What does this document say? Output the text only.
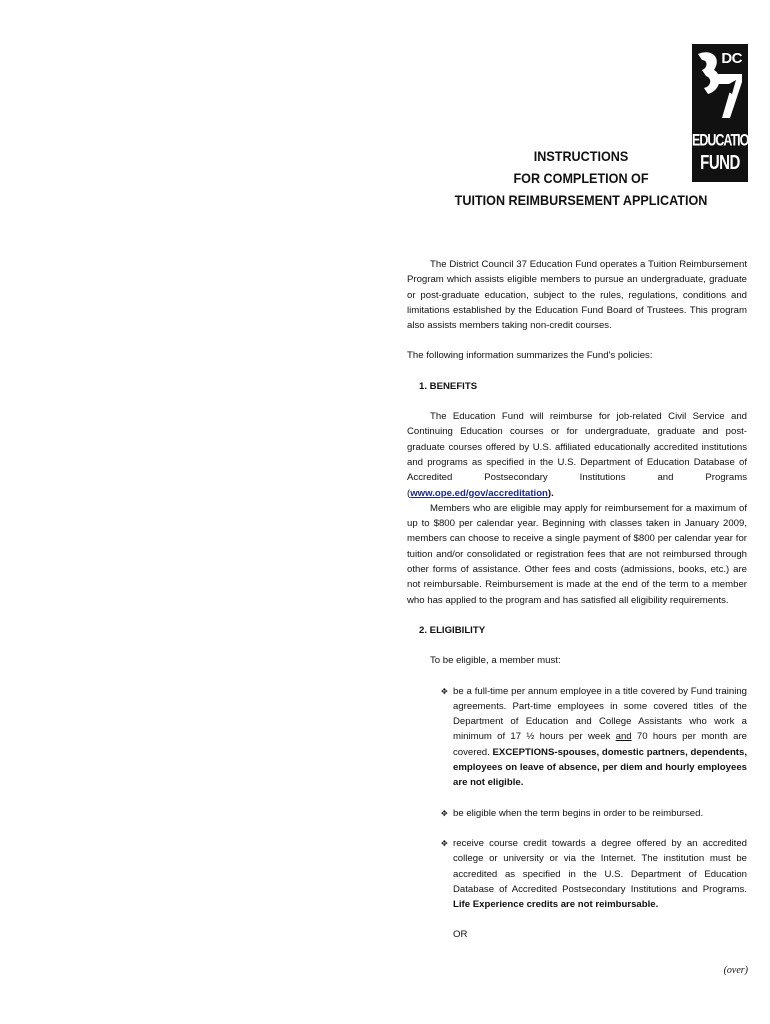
DC
EDUCATION
FUND
INSTRUCTIONS
FOR COMPLETION OF
TUITION REIMBURSEMENT APPLICATION

The District Council 37 Education Fund operates a Tuition Reimbursement Program which assists eligible members to pursue an undergraduate, graduate or post-graduate education, subject to the rules, regulations, conditions and limitations established by the Education Fund Board of Trustees. This program also assists members taking non-credit courses.

The following information summarizes the Fund's policies:

1. BENEFITS

The Education Fund will reimburse for job-related Civil Service and Continuing Education courses or for undergraduate, graduate and post-graduate courses offered by U.S. affiliated educationally accredited institutions and programs as specified in the U.S. Department of Education Database of Accredited Postsecondary Institutions and Programs (www.ope.ed/gov/accreditation).

Members who are eligible may apply for reimbursement for a maximum of up to $800 per calendar year. Beginning with classes taken in January 2009, members can choose to receive a single payment of $800 per calendar year for tuition and/or consolidated or registration fees that are not reimbursed through other forms of assistance. Other fees and costs (admissions, books, etc.) are not reimbursable. Reimbursement is made at the end of the term to a member who has applied to the program and has satisfied all eligibility requirements.

2. ELIGIBILITY

To be eligible, a member must:

✥ be a full-time per annum employee in a title covered by Fund training agreements. Part-time employees in some covered titles of the Department of Education and College Assistants who work a minimum of 17 ½ hours per week and 70 hours per month are covered. EXCEPTIONS-spouses, domestic partners, dependents, employees on leave of absence, per diem and hourly employees are not eligible.
✥ be eligible when the term begins in order to be reimbursed.
✥ receive course credit towards a degree offered by an accredited college or university or via the Internet. The institution must be accredited as specified in the U.S. Department of Education Database of Accredited Postsecondary Institutions and Programs. Life Experience credits are not reimbursable.

OR

(over)
